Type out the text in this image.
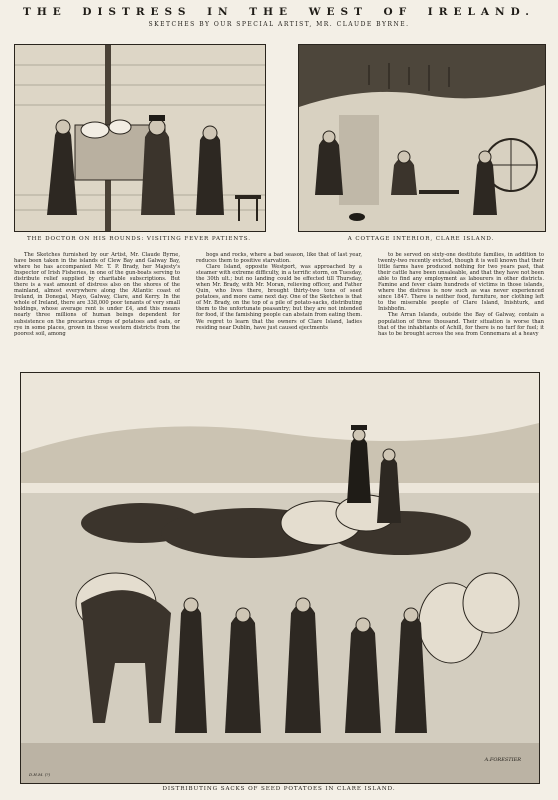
THE DISTRESS IN THE WEST OF IRELAND.
SKETCHES BY OUR SPECIAL ARTIST, MR. CLAUDE BYRNE.
THE DOCTOR ON HIS ROUNDS: VISITING FEVER PATIENTS.	A COTTAGE INTERIOR, CLARE ISLAND.

The Sketches furnished by our Artist, Mr. Claude Byrne, have been taken in the islands of Clew Bay and Galway Bay, where he has accompanied Mr. T. P. Brady, her Majesty's Inspector of Irish Fisheries, in one of the gun-boats serving to distribute relief supplied by charitable subscriptions. But there is a vast amount of distress also on the shores of the mainland, almost everywhere along the Atlantic coast of Ireland, in Donegal, Mayo, Galway, Clare, and Kerry. In the whole of Ireland, there are 338,000 poor tenants of very small holdings, whose average rent is under £4, and this means nearly three millions of human beings dependent for subsistence on the precarious crops of potatoes and oats, or rye in some places, grown in these western districts from the poorest soil, among

bogs and rocks, where a bad season, like that of last year, reduces them to positive starvation.

Clare Island, opposite Westport, was approached by a steamer with extreme difficulty, in a terrific storm, on Tuesday, the 30th ult.; but no landing could be effected till Thursday, when Mr. Brady, with Mr. Moran, relieving officer, and Father Quin, who lives there, brought thirty-two tons of seed potatoes, and more came next day. One of the Sketches is that of Mr. Brady, on the top of a pile of potato-sacks, distributing them to the unfortunate peasantry; but they are not intended for food, if the famishing people can abstain from eating them. We regret to learn that the owners of Clare Island, ladies residing near Dublin, have just caused ejectments

to be served on sixty-one destitute families, in addition to twenty-two recently evicted, though it is well known that their little farms have produced nothing for two years past, that their cattle have been unsaleable, and that they have not been able to find any employment as labourers in other districts. Famine and fever claim hundreds of victims in those islands, where the distress is now such as was never experienced since 1847. There is neither food, furniture, nor clothing left to the miserable people of Clare Island, Inishturk, and Inishbofin.

The Arran Islands, outside the Bay of Galway, contain a population of three thousand. Their situation is worse than that of the inhabitants of Achill, for there is no turf for fuel; it has to be brought across the sea from Connemara at a heavy

A.FORESTIER
D.H.M. (?)
DISTRIBUTING SACKS OF SEED POTATOES IN CLARE ISLAND.
